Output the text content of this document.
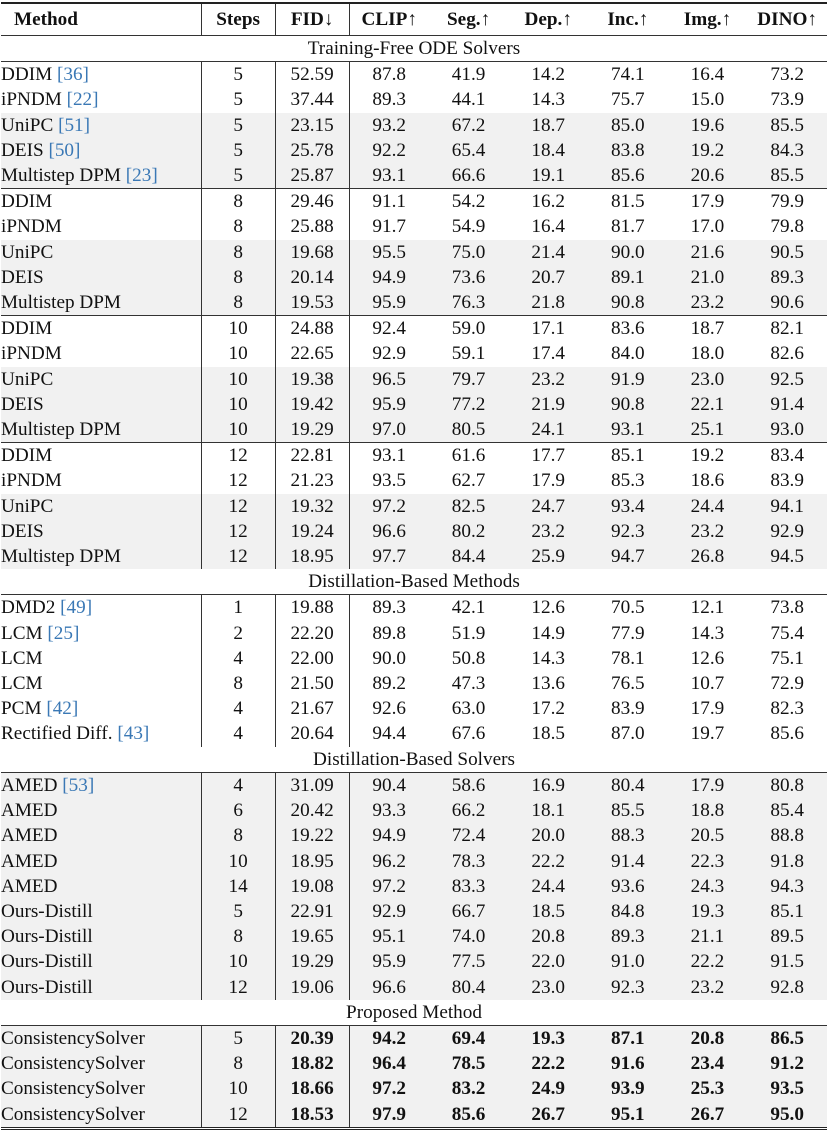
Method	Steps	FID↓	CLIP↑	Seg.↑	Dep.↑	Inc.↑	Img.↑	DINO↑
Training-Free ODE Solvers								
DDIM [36]	5	52.59	87.8	41.9	14.2	74.1	16.4	73.2
iPNDM [22]	5	37.44	89.3	44.1	14.3	75.7	15.0	73.9
UniPC [51]	5	23.15	93.2	67.2	18.7	85.0	19.6	85.5
DEIS [50]	5	25.78	92.2	65.4	18.4	83.8	19.2	84.3
Multistep DPM [23]	5	25.87	93.1	66.6	19.1	85.6	20.6	85.5
DDIM	8	29.46	91.1	54.2	16.2	81.5	17.9	79.9
iPNDM	8	25.88	91.7	54.9	16.4	81.7	17.0	79.8
UniPC	8	19.68	95.5	75.0	21.4	90.0	21.6	90.5
DEIS	8	20.14	94.9	73.6	20.7	89.1	21.0	89.3
Multistep DPM	8	19.53	95.9	76.3	21.8	90.8	23.2	90.6
DDIM	10	24.88	92.4	59.0	17.1	83.6	18.7	82.1
iPNDM	10	22.65	92.9	59.1	17.4	84.0	18.0	82.6
UniPC	10	19.38	96.5	79.7	23.2	91.9	23.0	92.5
DEIS	10	19.42	95.9	77.2	21.9	90.8	22.1	91.4
Multistep DPM	10	19.29	97.0	80.5	24.1	93.1	25.1	93.0
DDIM	12	22.81	93.1	61.6	17.7	85.1	19.2	83.4
iPNDM	12	21.23	93.5	62.7	17.9	85.3	18.6	83.9
UniPC	12	19.32	97.2	82.5	24.7	93.4	24.4	94.1
DEIS	12	19.24	96.6	80.2	23.2	92.3	23.2	92.9
Multistep DPM	12	18.95	97.7	84.4	25.9	94.7	26.8	94.5
Distillation-Based Methods								
DMD2 [49]	1	19.88	89.3	42.1	12.6	70.5	12.1	73.8
LCM [25]	2	22.20	89.8	51.9	14.9	77.9	14.3	75.4
LCM	4	22.00	90.0	50.8	14.3	78.1	12.6	75.1
LCM	8	21.50	89.2	47.3	13.6	76.5	10.7	72.9
PCM [42]	4	21.67	92.6	63.0	17.2	83.9	17.9	82.3
Rectified Diff. [43]	4	20.64	94.4	67.6	18.5	87.0	19.7	85.6
Distillation-Based Solvers								
AMED [53]	4	31.09	90.4	58.6	16.9	80.4	17.9	80.8
AMED	6	20.42	93.3	66.2	18.1	85.5	18.8	85.4
AMED	8	19.22	94.9	72.4	20.0	88.3	20.5	88.8
AMED	10	18.95	96.2	78.3	22.2	91.4	22.3	91.8
AMED	14	19.08	97.2	83.3	24.4	93.6	24.3	94.3
Ours-Distill	5	22.91	92.9	66.7	18.5	84.8	19.3	85.1
Ours-Distill	8	19.65	95.1	74.0	20.8	89.3	21.1	89.5
Ours-Distill	10	19.29	95.9	77.5	22.0	91.0	22.2	91.5
Ours-Distill	12	19.06	96.6	80.4	23.0	92.3	23.2	92.8
Proposed Method								
ConsistencySolver	5	20.39	94.2	69.4	19.3	87.1	20.8	86.5
ConsistencySolver	8	18.82	96.4	78.5	22.2	91.6	23.4	91.2
ConsistencySolver	10	18.66	97.2	83.2	24.9	93.9	25.3	93.5
ConsistencySolver	12	18.53	97.9	85.6	26.7	95.1	26.7	95.0
